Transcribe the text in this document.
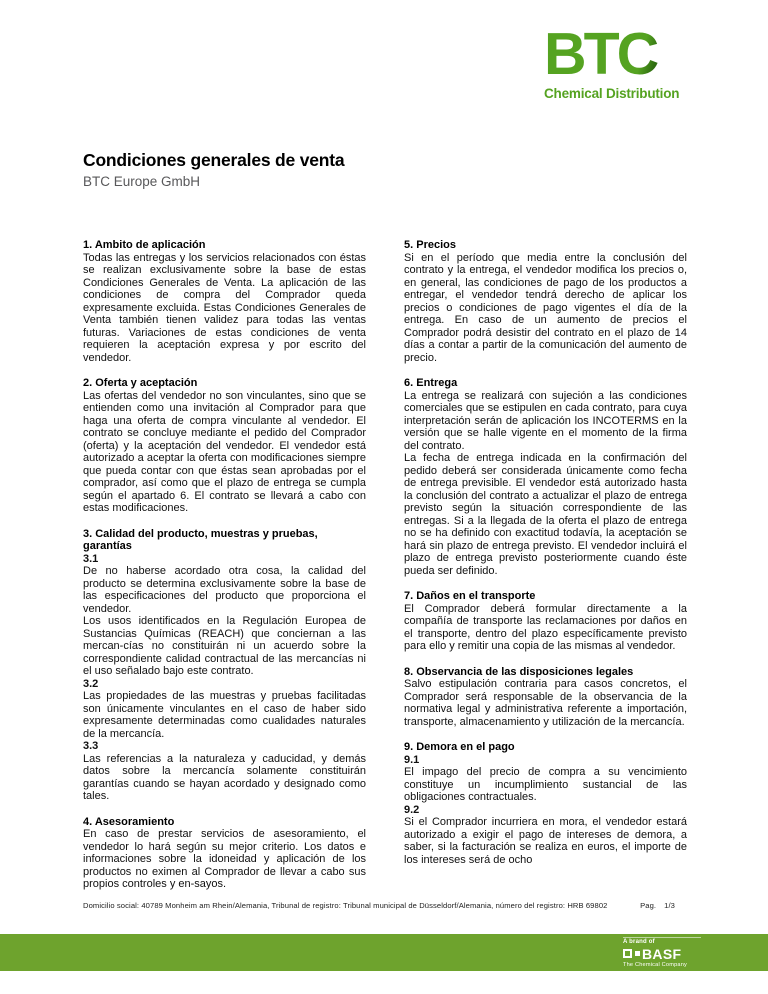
BTC
Chemical Distribution
Condiciones generales de venta
BTC Europe GmbH
1. Ambito de aplicación

Todas las entregas y los servicios relacionados con éstas se realizan exclusivamente sobre la base de estas Condiciones Generales de Venta. La aplicación de las condiciones de compra del Comprador queda expresamente excluida. Estas Condiciones Generales de Venta también tienen validez para todas las ventas futuras. Variaciones de estas condiciones de venta requieren la aceptación expresa y por escrito del vendedor.

2. Oferta y aceptación

Las ofertas del vendedor no son vinculantes, sino que se entienden como una invitación al Comprador para que haga una oferta de compra vinculante al vendedor. El contrato se concluye mediante el pedido del Comprador (oferta) y la aceptación del vendedor. El vendedor está autorizado a aceptar la oferta con modificaciones siempre que pueda contar con que éstas sean aprobadas por el comprador, así como que el plazo de entrega se cumpla según el apartado 6. El contrato se llevará a cabo con estas modificaciones.

3. Calidad del producto, muestras y pruebas, garantías
3.1

De no haberse acordado otra cosa, la calidad del producto se determina exclusivamente sobre la base de las especificaciones del producto que proporciona el vendedor.

Los usos identificados en la Regulación Europea de Sustancias Químicas (REACH) que conciernan a las mercan-cías no constituirán ni un acuerdo sobre la correspondiente calidad contractual de las mercancías ni el uso señalado bajo este contrato.

3.2

Las propiedades de las muestras y pruebas facilitadas son únicamente vinculantes en el caso de haber sido expresamente determinadas como cualidades naturales de la mercancía.

3.3

Las referencias a la naturaleza y caducidad, y demás datos sobre la mercancía solamente constituirán garantías cuando se hayan acordado y designado como tales.

4. Asesoramiento

En caso de prestar servicios de asesoramiento, el vendedor lo hará según su mejor criterio. Los datos e informaciones sobre la idoneidad y aplicación de los productos no eximen al Comprador de llevar a cabo sus propios controles y en-sayos.

5. Precios

Si en el período que media entre la conclusión del contrato y la entrega, el vendedor modifica los precios o, en general, las condiciones de pago de los productos a entregar, el vendedor tendrá derecho de aplicar los precios o condiciones de pago vigentes el día de la entrega. En caso de un aumento de precios el Comprador podrá desistir del contrato en el plazo de 14 días a contar a partir de la comunicación del aumento de precio.

6. Entrega

La entrega se realizará con sujeción a las condiciones comerciales que se estipulen en cada contrato, para cuya interpretación serán de aplicación los INCOTERMS en la versión que se halle vigente en el momento de la firma del contrato.

La fecha de entrega indicada en la confirmación del pedido deberá ser considerada únicamente como fecha de entrega previsible. El vendedor está autorizado hasta la conclusión del contrato a actualizar el plazo de entrega previsto según la situación correspondiente de las entregas. Si a la llegada de la oferta el plazo de entrega no se ha definido con exactitud todavía, la aceptación se hará sin plazo de entrega previsto. El vendedor incluirá el plazo de entrega previsto posteriormente cuando éste pueda ser definido.

7. Daños en el transporte

El Comprador deberá formular directamente a la compañía de transporte las reclamaciones por daños en el transporte, dentro del plazo específicamente previsto para ello y remitir una copia de las mismas al vendedor.

8. Observancia de las disposiciones legales

Salvo estipulación contraria para casos concretos, el Comprador será responsable de la observancia de la normativa legal y administrativa referente a importación, transporte, almacenamiento y utilización de la mercancía.

9. Demora en el pago
9.1

El impago del precio de compra a su vencimiento constituye un incumplimiento sustancial de las obligaciones contractuales.

9.2

Si el Comprador incurriera en mora, el vendedor estará autorizado a exigir el pago de intereses de demora, a saber, si la facturación se realiza en euros, el importe de los intereses será de ocho

Domicilio social: 40789 Monheim am Rhein/Alemania, Tribunal de registro: Tribunal municipal de Düsseldorf/Alemania, número del registro: HRB 69802	Pag. 1/3
A brand of
BASF
The Chemical Company
